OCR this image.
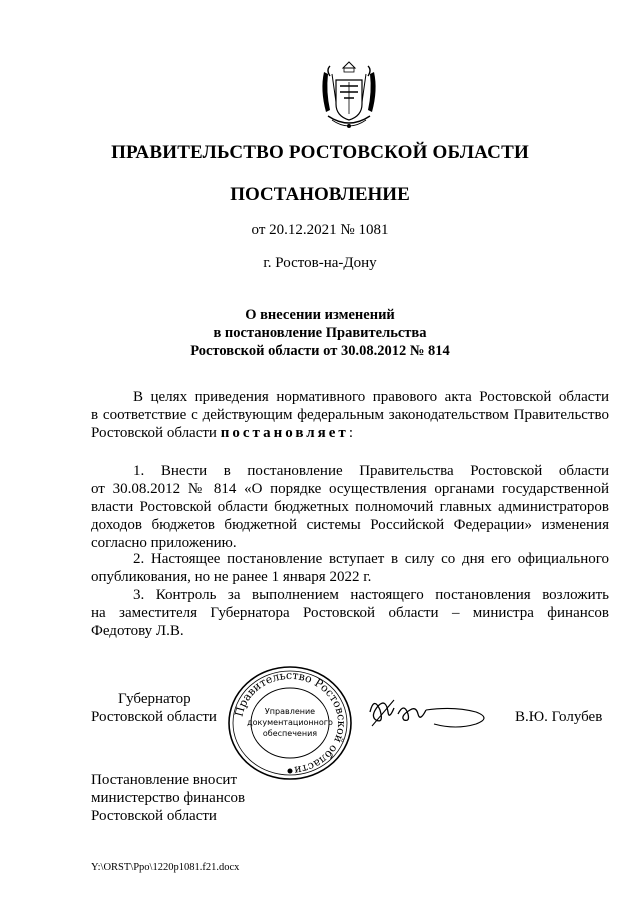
ПРАВИТЕЛЬСТВО РОСТОВСКОЙ ОБЛАСТИ
ПОСТАНОВЛЕНИЕ
от 20.12.2021 № 1081
г. Ростов-на-Дону
О внесении изменений
в постановление Правительства
Ростовской области от 30.08.2012 № 814
В целях приведения нормативного правового акта Ростовской области
в соответствие с действующим федеральным законодательством Правительство
Ростовской области постановляет:
1. Внести в постановление Правительства Ростовской области
от 30.08.2012 № 814 «О порядке осуществления органами государственной
власти Ростовской области бюджетных полномочий главных администраторов
доходов бюджетов бюджетной системы Российской Федерации» изменения
согласно приложению.
2. Настоящее постановление вступает в силу со дня его официального
опубликования, но не ранее 1 января 2022 г.
3. Контроль за выполнением настоящего постановления возложить
на заместителя Губернатора Ростовской области – министра финансов
Федотову Л.В.
Губернатор
Ростовской области Правительство Ростовской области
Управление
документационного
обеспечения
В.Ю. Голубев
Постановление вносит
министерство финансов
Ростовской области
Y:\ORST\Ppo\1220p1081.f21.docx
